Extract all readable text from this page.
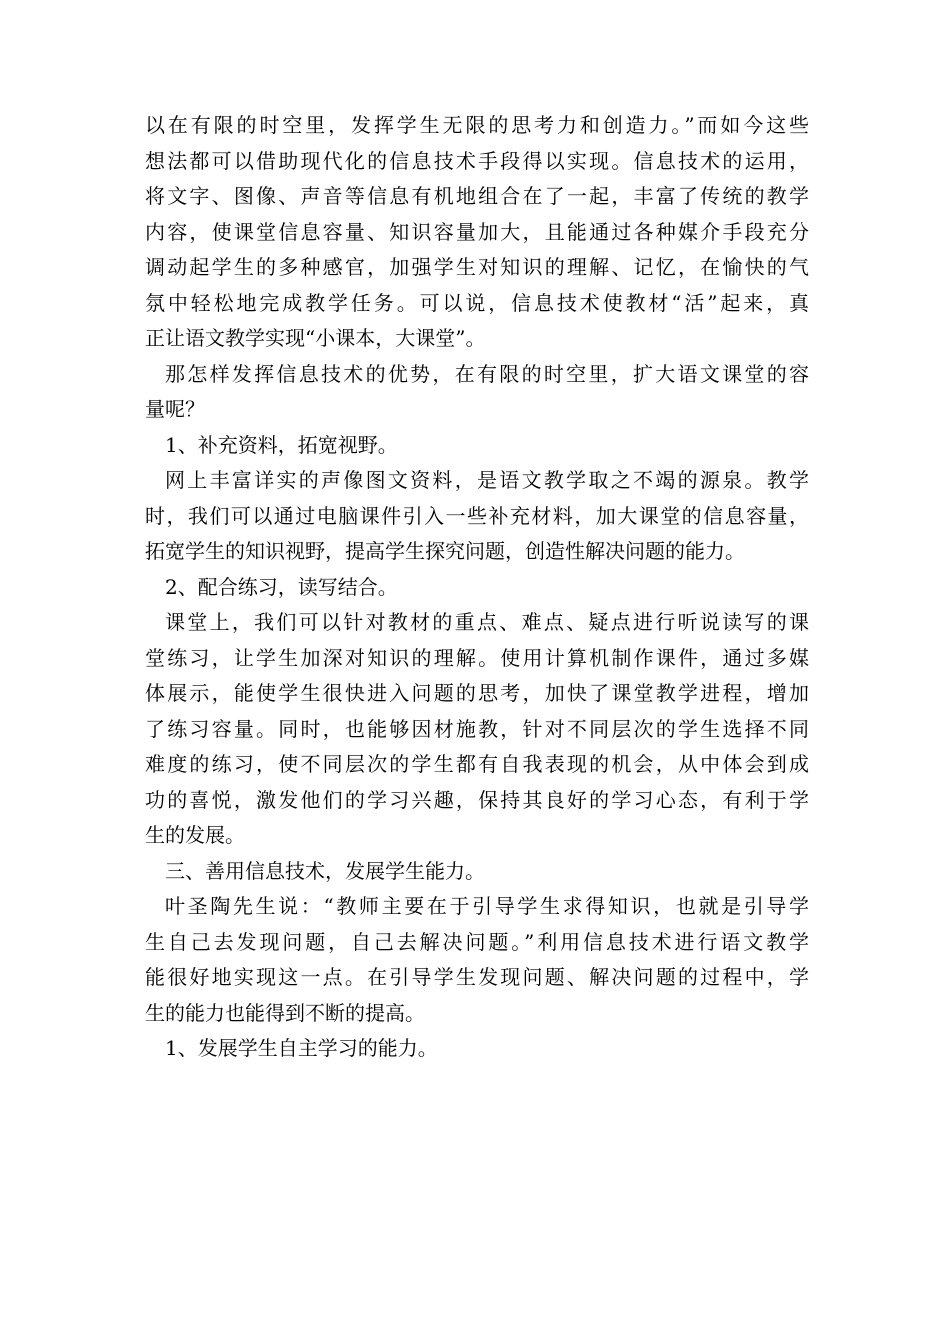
以在有限的时空里，发挥学生无限的思考力和创造力。”而如今这些
想法都可以借助现代化的信息技术手段得以实现。信息技术的运用，
将文字、图像、声音等信息有机地组合在了一起，丰富了传统的教学
内容，使课堂信息容量、知识容量加大，且能通过各种媒介手段充分
调动起学生的多种感官，加强学生对知识的理解、记忆，在愉快的气
氛中轻松地完成教学任务。可以说，信息技术使教材“活”起来，真
正让语文教学实现“小课本，大课堂”。
那怎样发挥信息技术的优势，在有限的时空里，扩大语文课堂的容
量呢？
1、补充资料，拓宽视野。
网上丰富详实的声像图文资料，是语文教学取之不竭的源泉。教学
时，我们可以通过电脑课件引入一些补充材料，加大课堂的信息容量，
拓宽学生的知识视野，提高学生探究问题，创造性解决问题的能力。
2、配合练习，读写结合。
课堂上，我们可以针对教材的重点、难点、疑点进行听说读写的课
堂练习，让学生加深对知识的理解。使用计算机制作课件，通过多媒
体展示，能使学生很快进入问题的思考，加快了课堂教学进程，增加
了练习容量。同时，也能够因材施教，针对不同层次的学生选择不同
难度的练习，使不同层次的学生都有自我表现的机会，从中体会到成
功的喜悦，激发他们的学习兴趣，保持其良好的学习心态，有利于学
生的发展。
三、善用信息技术，发展学生能力。
叶圣陶先生说：“教师主要在于引导学生求得知识，也就是引导学
生自己去发现问题，自己去解决问题。”利用信息技术进行语文教学
能很好地实现这一点。在引导学生发现问题、解决问题的过程中，学
生的能力也能得到不断的提高。
1、发展学生自主学习的能力。
